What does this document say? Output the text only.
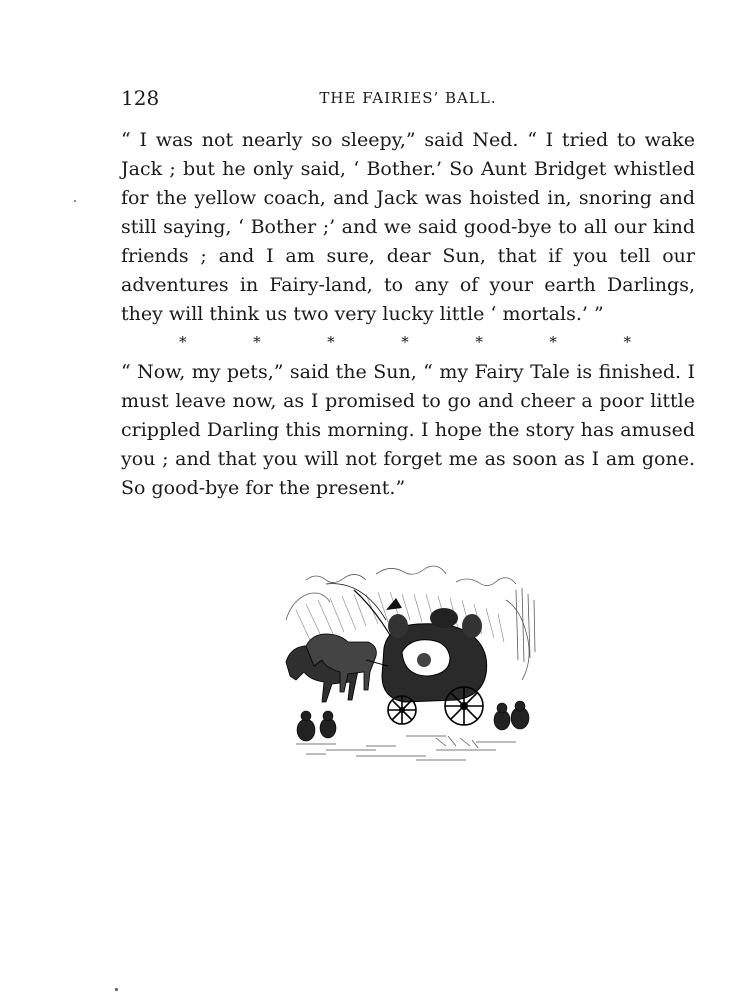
128	THE FAIRIES’ BALL.

“ I was not nearly so sleepy,” said Ned. “ I tried to wake Jack ; but he only said, ‘ Bother.’ So Aunt Bridget whistled for the yellow coach, and Jack was hoisted in, snoring and still saying, ‘ Bother ;’ and we said good-bye to all our kind friends ; and I am sure, dear Sun, that if you tell our adventures in Fairy-land, to any of your earth Darlings, they will think us two very lucky little ‘ mortals.’ ”

*	*	*	*	*	*	*

“ Now, my pets,” said the Sun, “ my Fairy Tale is finished. I must leave now, as I promised to go and cheer a poor little crippled Darling this morning. I hope the story has amused you ; and that you will not forget me as soon as I am gone. So good-bye for the present.”
